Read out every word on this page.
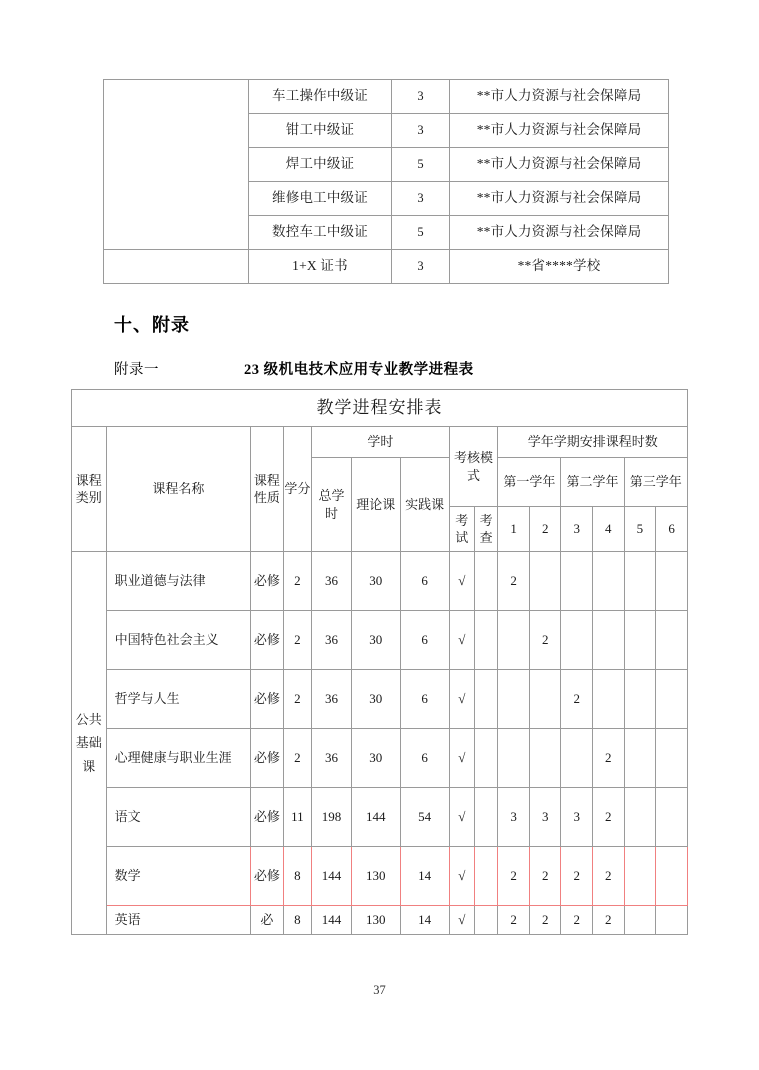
	车工操作中级证	3	**市人力资源与社会保障局
	钳工中级证	3	**市人力资源与社会保障局
	焊工中级证	5	**市人力资源与社会保障局
	维修电工中级证	3	**市人力资源与社会保障局
	数控车工中级证	5	**市人力资源与社会保障局
	1+X 证书	3	**省****学校
十、附录
附录一	23 级机电技术应用专业教学进程表
教学进程安排表														

课程类别	课程名称	课程性质	学分	学时			考核模式		学年学期安排课程时数					

				总学时	理论课	实践课			第一学年		第二学年		第三学年	

							考试	考查	1	2	3	4	5	6
公共基础课	职业道德与法律	必修	2	36	30	6	√		2					
	中国特色社会主义	必修	2	36	30	6	√			2				
	哲学与人生	必修	2	36	30	6	√				2			
	心理健康与职业生涯	必修	2	36	30	6	√					2		
	语文	必修	11	198	144	54	√		3	3	3	2		
	数学	必修	8	144	130	14	√		2	2	2	2		
	英语	必	8	144	130	14	√		2	2	2	2		
37
